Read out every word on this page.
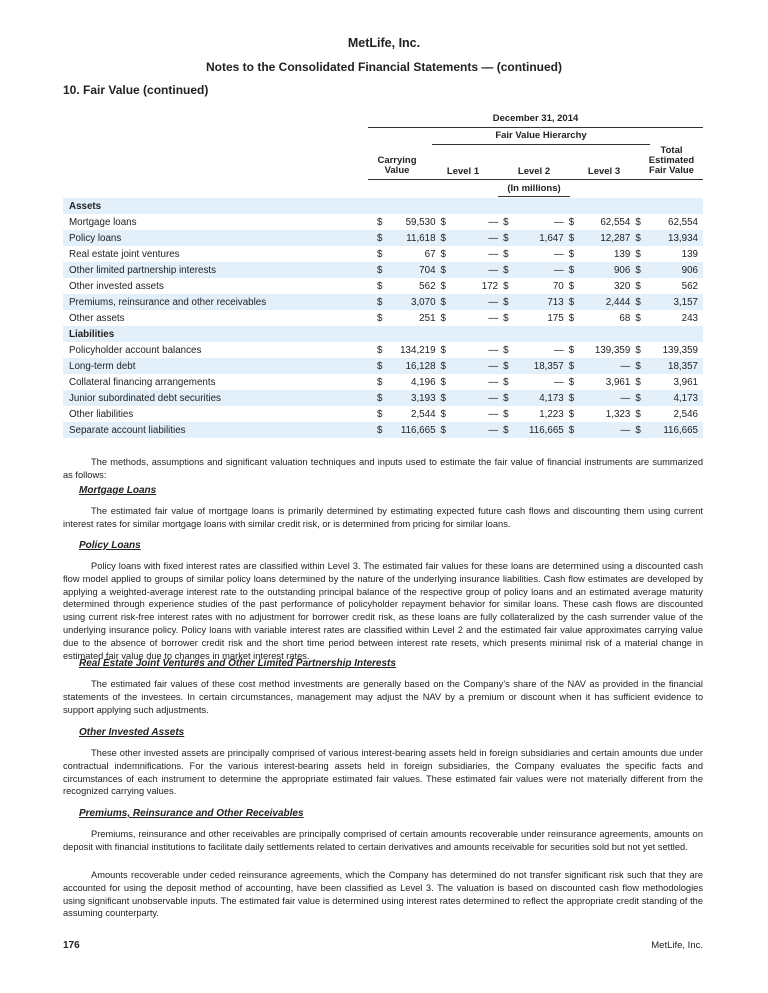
MetLife, Inc.
Notes to the Consolidated Financial Statements — (continued)
10. Fair Value (continued)
December 31, 2014
Fair Value Hierarchy
Carrying
Value	Level 1	Level 2	Level 3
Total
Estimated
Fair Value
(In millions)
Assets										
Mortgage loans	$	59,530	$	—	$	—	$	62,554	$	62,554
Policy loans	$	11,618	$	—	$	1,647	$	12,287	$	13,934
Real estate joint ventures	$	67	$	—	$	—	$	139	$	139
Other limited partnership interests	$	704	$	—	$	—	$	906	$	906
Other invested assets	$	562	$	172	$	70	$	320	$	562
Premiums, reinsurance and other receivables	$	3,070	$	—	$	713	$	2,444	$	3,157
Other assets	$	251	$	—	$	175	$	68	$	243
Liabilities										
Policyholder account balances	$	134,219	$	—	$	—	$	139,359	$	139,359
Long-term debt	$	16,128	$	—	$	18,357	$	—	$	18,357
Collateral financing arrangements	$	4,196	$	—	$	—	$	3,961	$	3,961
Junior subordinated debt securities	$	3,193	$	—	$	4,173	$	—	$	4,173
Other liabilities	$	2,544	$	—	$	1,223	$	1,323	$	2,546
Separate account liabilities	$	116,665	$	—	$	116,665	$	—	$	116,665
The methods, assumptions and significant valuation techniques and inputs used to estimate the fair value of financial instruments are summarized as follows:
Mortgage Loans
The estimated fair value of mortgage loans is primarily determined by estimating expected future cash flows and discounting them using current interest rates for similar mortgage loans with similar credit risk, or is determined from pricing for similar loans.
Policy Loans
Policy loans with fixed interest rates are classified within Level 3. The estimated fair values for these loans are determined using a discounted cash flow model applied to groups of similar policy loans determined by the nature of the underlying insurance liabilities. Cash flow estimates are developed by applying a weighted-average interest rate to the outstanding principal balance of the respective group of policy loans and an estimated average maturity determined through experience studies of the past performance of policyholder repayment behavior for similar loans. These cash flows are discounted using current risk-free interest rates with no adjustment for borrower credit risk, as these loans are fully collateralized by the cash surrender value of the underlying insurance policy. Policy loans with variable interest rates are classified within Level 2 and the estimated fair value approximates carrying value due to the absence of borrower credit risk and the short time period between interest rate resets, which presents minimal risk of a material change in estimated fair value due to changes in market interest rates.
Real Estate Joint Ventures and Other Limited Partnership Interests
The estimated fair values of these cost method investments are generally based on the Company’s share of the NAV as provided in the financial statements of the investees. In certain circumstances, management may adjust the NAV by a premium or discount when it has sufficient evidence to support applying such adjustments.
Other Invested Assets
These other invested assets are principally comprised of various interest-bearing assets held in foreign subsidiaries and certain amounts due under contractual indemnifications. For the various interest-bearing assets held in foreign subsidiaries, the Company evaluates the specific facts and circumstances of each instrument to determine the appropriate estimated fair values. These estimated fair values were not materially different from the recognized carrying values.
Premiums, Reinsurance and Other Receivables
Premiums, reinsurance and other receivables are principally comprised of certain amounts recoverable under reinsurance agreements, amounts on deposit with financial institutions to facilitate daily settlements related to certain derivatives and amounts receivable for securities sold but not yet settled.
Amounts recoverable under ceded reinsurance agreements, which the Company has determined do not transfer significant risk such that they are accounted for using the deposit method of accounting, have been classified as Level 3. The valuation is based on discounted cash flow methodologies using significant unobservable inputs. The estimated fair value is determined using interest rates determined to reflect the appropriate credit standing of the assuming counterparty.
176	MetLife, Inc.
